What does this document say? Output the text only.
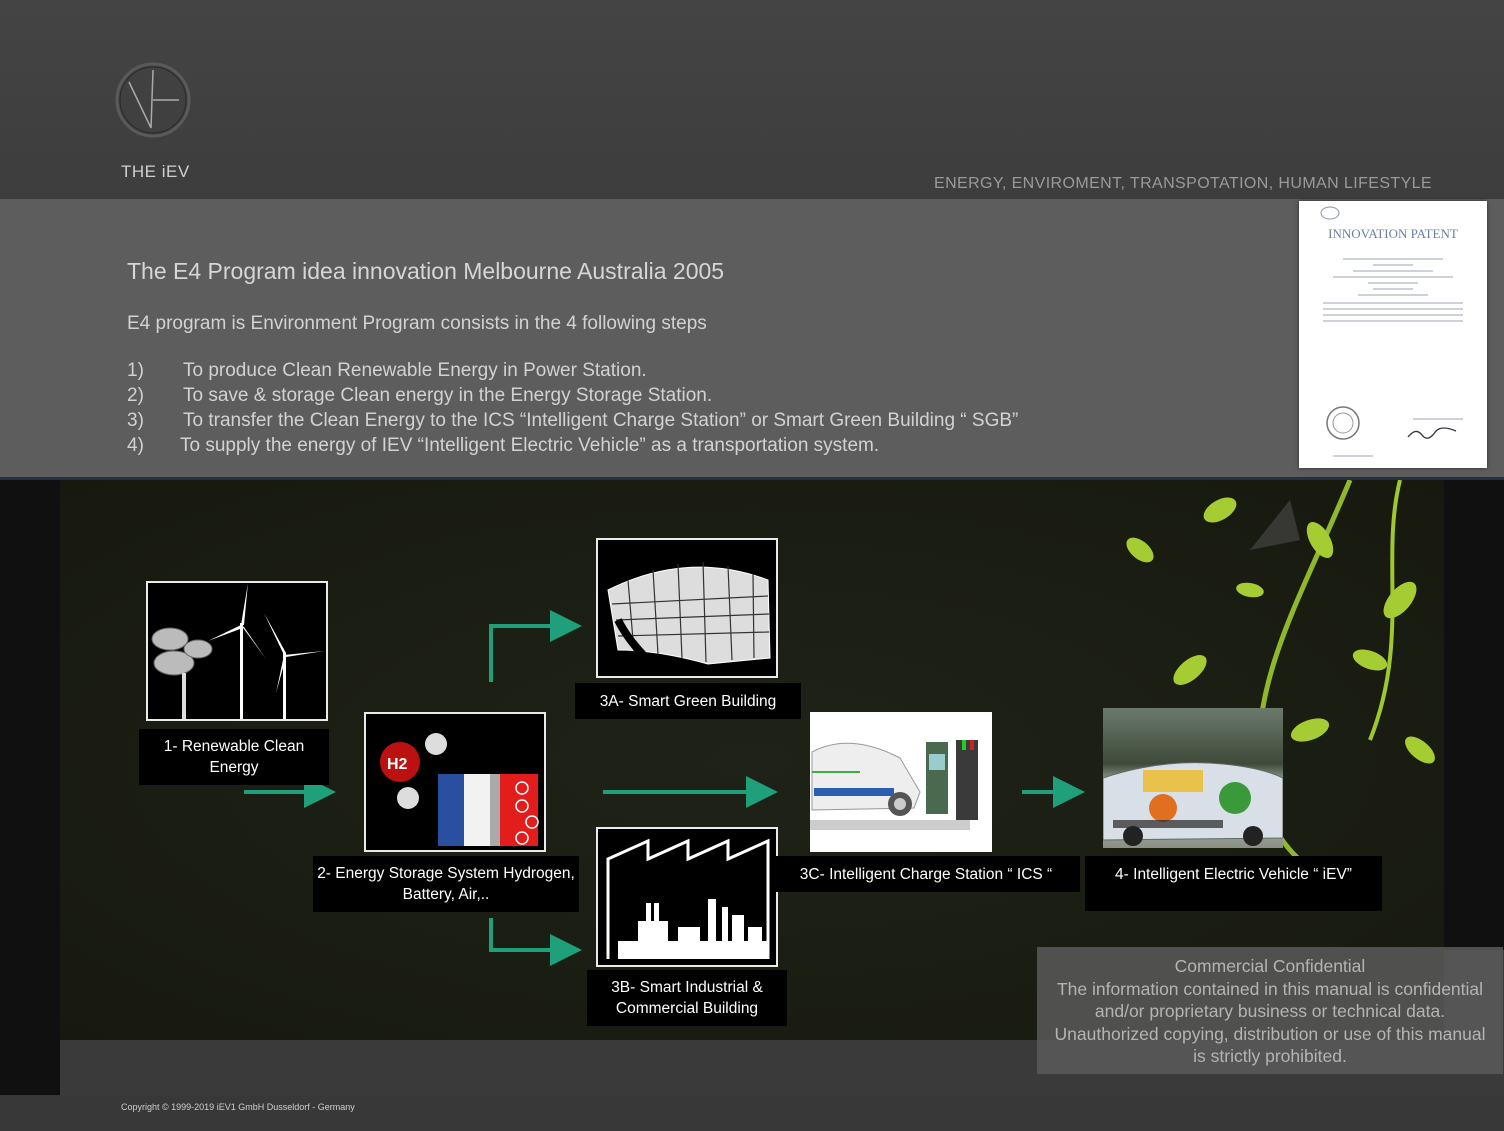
THE iEV
ENERGY, ENVIROMENT, TRANSPOTATION, HUMAN LIFESTYLE
The E4 Program idea innovation Melbourne Australia 2005
E4 program is Environment Program consists in the 4 following steps
1) To produce Clean Renewable Energy in Power Station.
2) To save & storage Clean energy in the Energy Storage Station.
3) To transfer the Clean Energy to the ICS “Intelligent Charge Station” or Smart Green Building “ SGB”
4) To supply the energy of IEV “Intelligent Electric Vehicle” as a transportation system.
INNOVATION PATENT
1- Renewable Clean Energy	H2
2- Energy Storage System Hydrogen, Battery, Air,..
3A- Smart Green Building
3B- Smart Industrial & Commercial Building
3C- Intelligent Charge Station “ ICS “	4- Intelligent Electric Vehicle “ iEV”
Commercial Confidential
The information contained in this manual is confidential and/or proprietary business or technical data. Unauthorized copying, distribution or use of this manual is strictly prohibited.
Copyright © 1999-2019 iEV1 GmbH Dusseldorf - Germany
